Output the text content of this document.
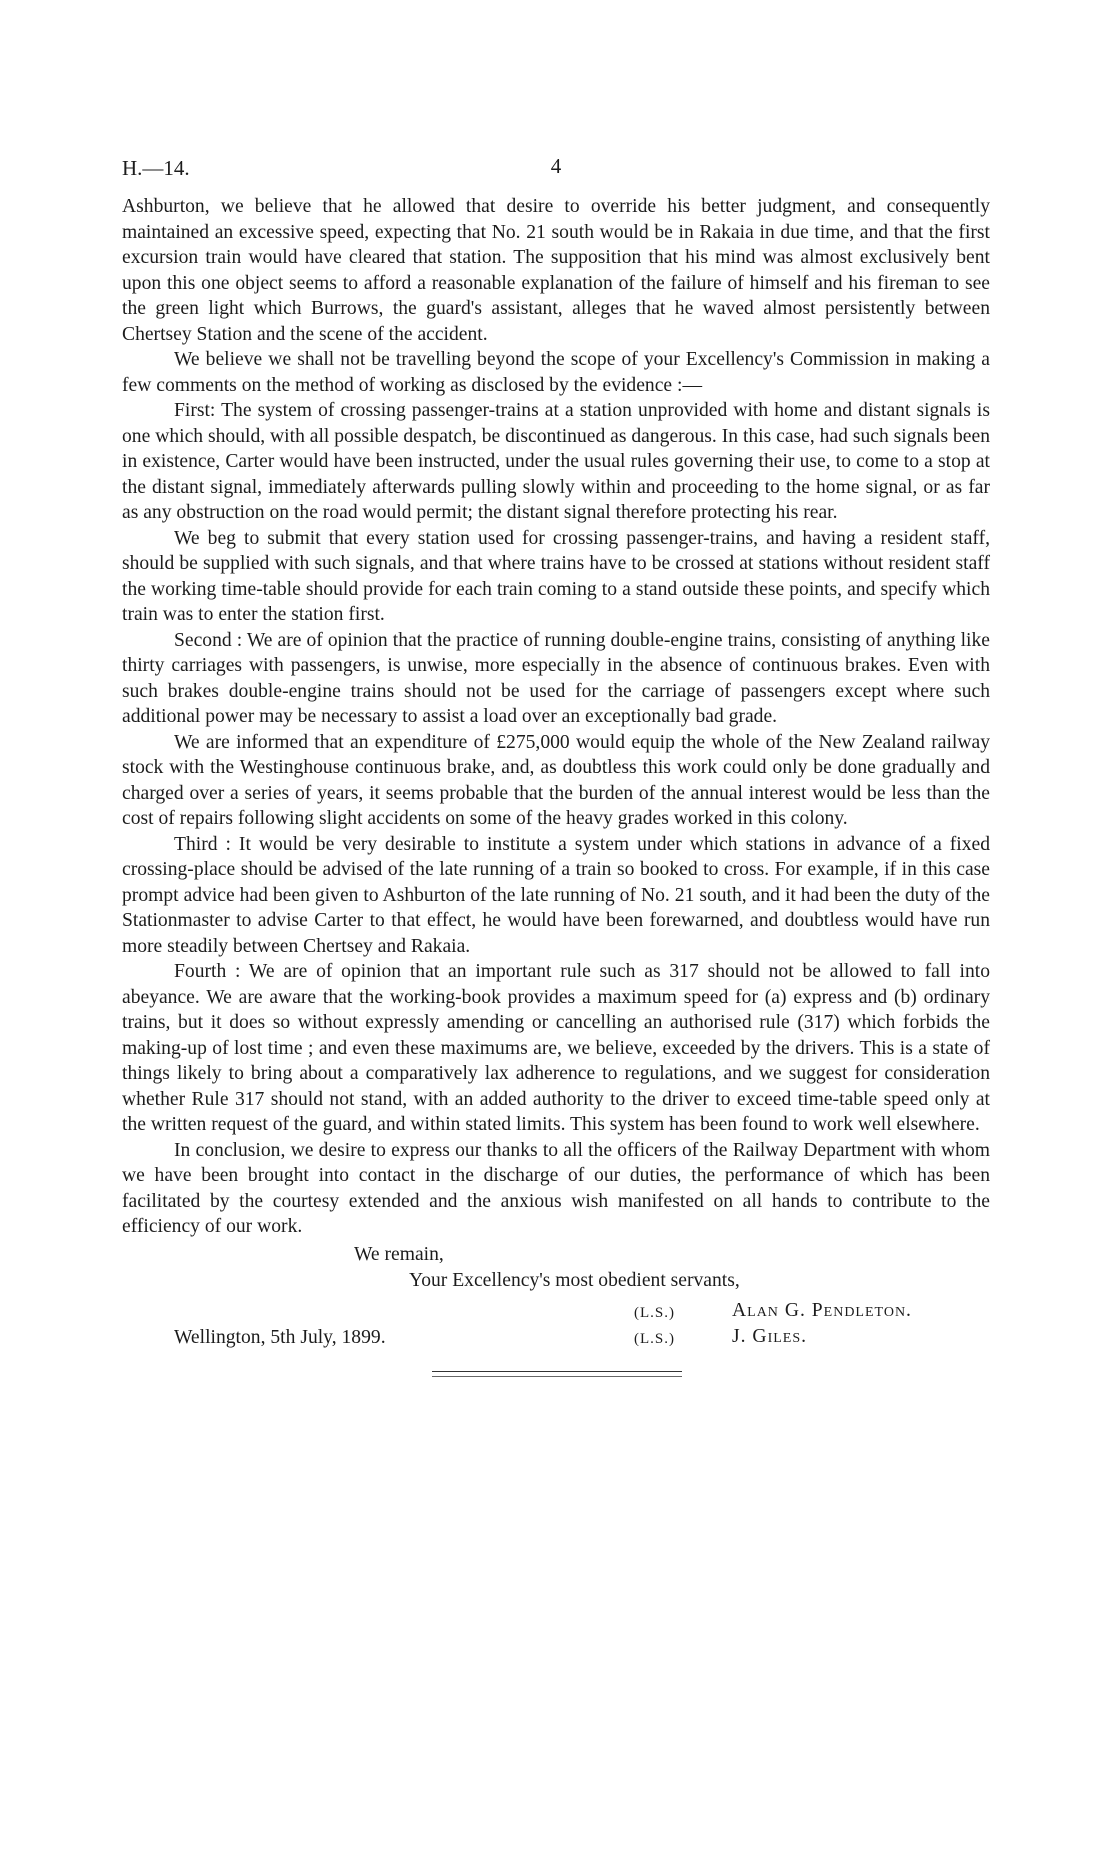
H.—14.	4

Ashburton, we believe that he allowed that desire to override his better judgment, and consequently maintained an excessive speed, expecting that No. 21 south would be in Rakaia in due time, and that the first excursion train would have cleared that station. The supposition that his mind was almost exclusively bent upon this one object seems to afford a reasonable explanation of the failure of himself and his fireman to see the green light which Burrows, the guard's assistant, alleges that he waved almost persistently between Chertsey Station and the scene of the accident.

We believe we shall not be travelling beyond the scope of your Excellency's Commission in making a few comments on the method of working as disclosed by the evidence :—

First: The system of crossing passenger-trains at a station unprovided with home and distant signals is one which should, with all possible despatch, be discontinued as dangerous. In this case, had such signals been in existence, Carter would have been instructed, under the usual rules governing their use, to come to a stop at the distant signal, immediately afterwards pulling slowly within and proceeding to the home signal, or as far as any obstruction on the road would permit; the distant signal therefore protecting his rear.

We beg to submit that every station used for crossing passenger-trains, and having a resident staff, should be supplied with such signals, and that where trains have to be crossed at stations without resident staff the working time-table should provide for each train coming to a stand outside these points, and specify which train was to enter the station first.

Second : We are of opinion that the practice of running double-engine trains, consisting of anything like thirty carriages with passengers, is unwise, more especially in the absence of continuous brakes. Even with such brakes double-engine trains should not be used for the carriage of passengers except where such additional power may be necessary to assist a load over an exceptionally bad grade.

We are informed that an expenditure of £275,000 would equip the whole of the New Zealand railway stock with the Westinghouse continuous brake, and, as doubtless this work could only be done gradually and charged over a series of years, it seems probable that the burden of the annual interest would be less than the cost of repairs following slight accidents on some of the heavy grades worked in this colony.

Third : It would be very desirable to institute a system under which stations in advance of a fixed crossing-place should be advised of the late running of a train so booked to cross. For example, if in this case prompt advice had been given to Ashburton of the late running of No. 21 south, and it had been the duty of the Stationmaster to advise Carter to that effect, he would have been forewarned, and doubtless would have run more steadily between Chertsey and Rakaia.

Fourth : We are of opinion that an important rule such as 317 should not be allowed to fall into abeyance. We are aware that the working-book provides a maximum speed for (a) express and (b) ordinary trains, but it does so without expressly amending or cancelling an authorised rule (317) which forbids the making-up of lost time ; and even these maximums are, we believe, exceeded by the drivers. This is a state of things likely to bring about a comparatively lax adherence to regulations, and we suggest for consideration whether Rule 317 should not stand, with an added authority to the driver to exceed time-table speed only at the written request of the guard, and within stated limits. This system has been found to work well elsewhere.

In conclusion, we desire to express our thanks to all the officers of the Railway Department with whom we have been brought into contact in the discharge of our duties, the performance of which has been facilitated by the courtesy extended and the anxious wish manifested on all hands to contribute to the efficiency of our work.

We remain,
Your Excellency's most obedient servants,
Wellington, 5th July, 1899.
(L.S.)
(L.S.)
Alan G. Pendleton.
J. Giles.
